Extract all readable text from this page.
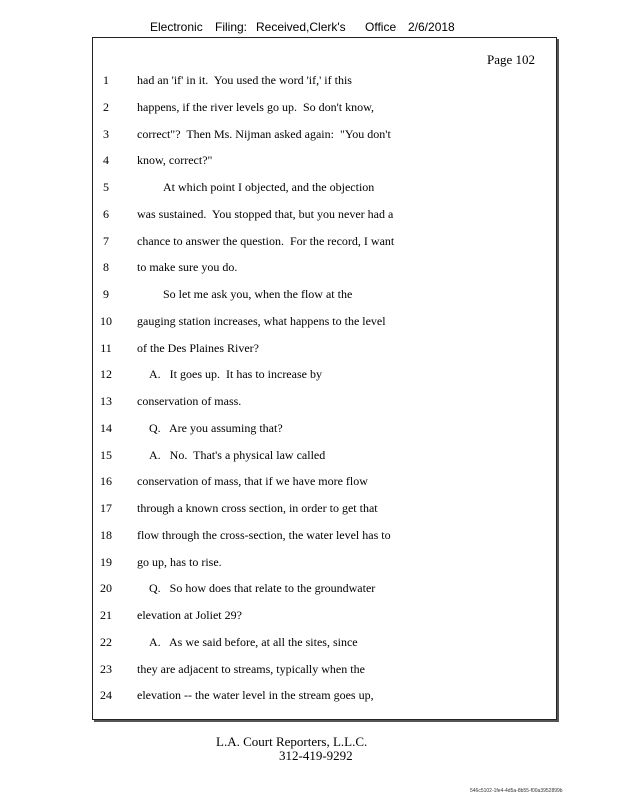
Electronic Filing: Received,Clerk's Office 2/6/2018
Page 102
1	had an 'if' in it.  You used the word 'if,' if this
2	happens, if the river levels go up.  So don't know,
3	correct"?  Then Ms. Nijman asked again:  "You don't
4	know, correct?"
5	At which point I objected, and the objection
6	was sustained.  You stopped that, but you never had a
7	chance to answer the question.  For the record, I want
8	to make sure you do.
9	So let me ask you, when the flow at the
10	gauging station increases, what happens to the level
11	of the Des Plaines River?
12	A.   It goes up.  It has to increase by
13	conservation of mass.
14	Q.   Are you assuming that?
15	A.   No.  That's a physical law called
16	conservation of mass, that if we have more flow
17	through a known cross section, in order to get that
18	flow through the cross-section, the water level has to
19	go up, has to rise.
20	Q.   So how does that relate to the groundwater
21	elevation at Joliet 29?
22	A.   As we said before, at all the sites, since
23	they are adjacent to streams, typically when the
24	elevation -- the water level in the stream goes up,
L.A. Court Reporters, L.L.C.
312-419-9292
546c5102-1fe4-4d5a-8b55-f00a3952899b
